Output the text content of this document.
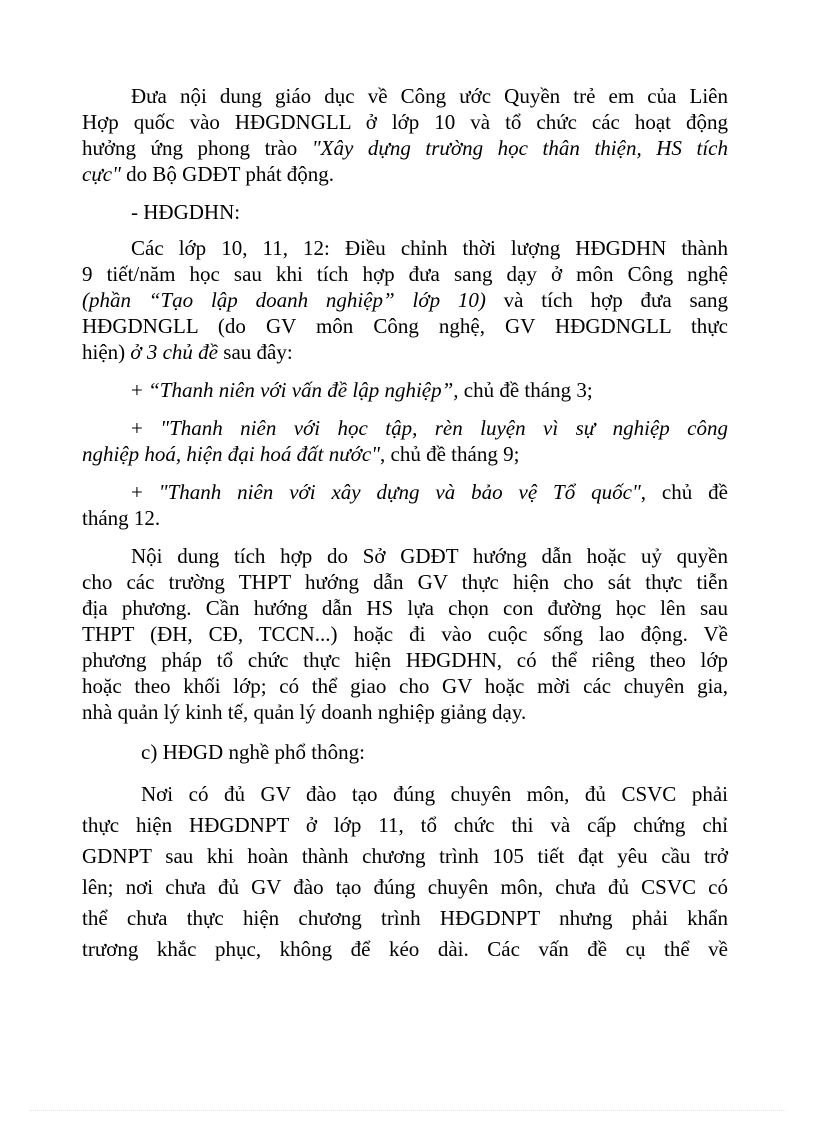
Đưa nội dung giáo dục về Công ước Quyền trẻ em của Liên
Hợp quốc vào HĐGDNGLL ở lớp 10 và tổ chức các hoạt động
hưởng ứng phong trào "Xây dựng trường học thân thiện, HS tích
cực" do Bộ GDĐT phát động.
- HĐGDHN:
Các lớp 10, 11, 12: Điều chỉnh thời lượng HĐGDHN thành
9 tiết/năm học sau khi tích hợp đưa sang dạy ở môn Công nghệ
(phần “Tạo lập doanh nghiệp” lớp 10) và tích hợp đưa sang
HĐGDNGLL (do GV môn Công nghệ, GV HĐGDNGLL thực
hiện) ở 3 chủ đề sau đây:
+ “Thanh niên với vấn đề lập nghiệp”, chủ đề tháng 3;
+ "Thanh niên với học tập, rèn luyện vì sự nghiệp công
nghiệp hoá, hiện đại hoá đất nước", chủ đề tháng 9;
+ "Thanh niên với xây dựng và bảo vệ Tổ quốc", chủ đề
tháng 12.
Nội dung tích hợp do Sở GDĐT hướng dẫn hoặc uỷ quyền
cho các trường THPT hướng dẫn GV thực hiện cho sát thực tiễn
địa phương. Cần hướng dẫn HS lựa chọn con đường học lên sau
THPT (ĐH, CĐ, TCCN...) hoặc đi vào cuộc sống lao động. Về
phương pháp tổ chức thực hiện HĐGDHN, có thể riêng theo lớp
hoặc theo khối lớp; có thể giao cho GV hoặc mời các chuyên gia,
nhà quản lý kinh tế, quản lý doanh nghiệp giảng dạy.
c) HĐGD nghề phổ thông:
Nơi có đủ GV đào tạo đúng chuyên môn, đủ CSVC phải
thực hiện HĐGDNPT ở lớp 11, tổ chức thi và cấp chứng chỉ
GDNPT sau khi hoàn thành chương trình 105 tiết đạt yêu cầu trở
lên; nơi chưa đủ GV đào tạo đúng chuyên môn, chưa đủ CSVC có
thể chưa thực hiện chương trình HĐGDNPT nhưng phải khẩn
trương khắc phục, không để kéo dài. Các vấn đề cụ thể về
